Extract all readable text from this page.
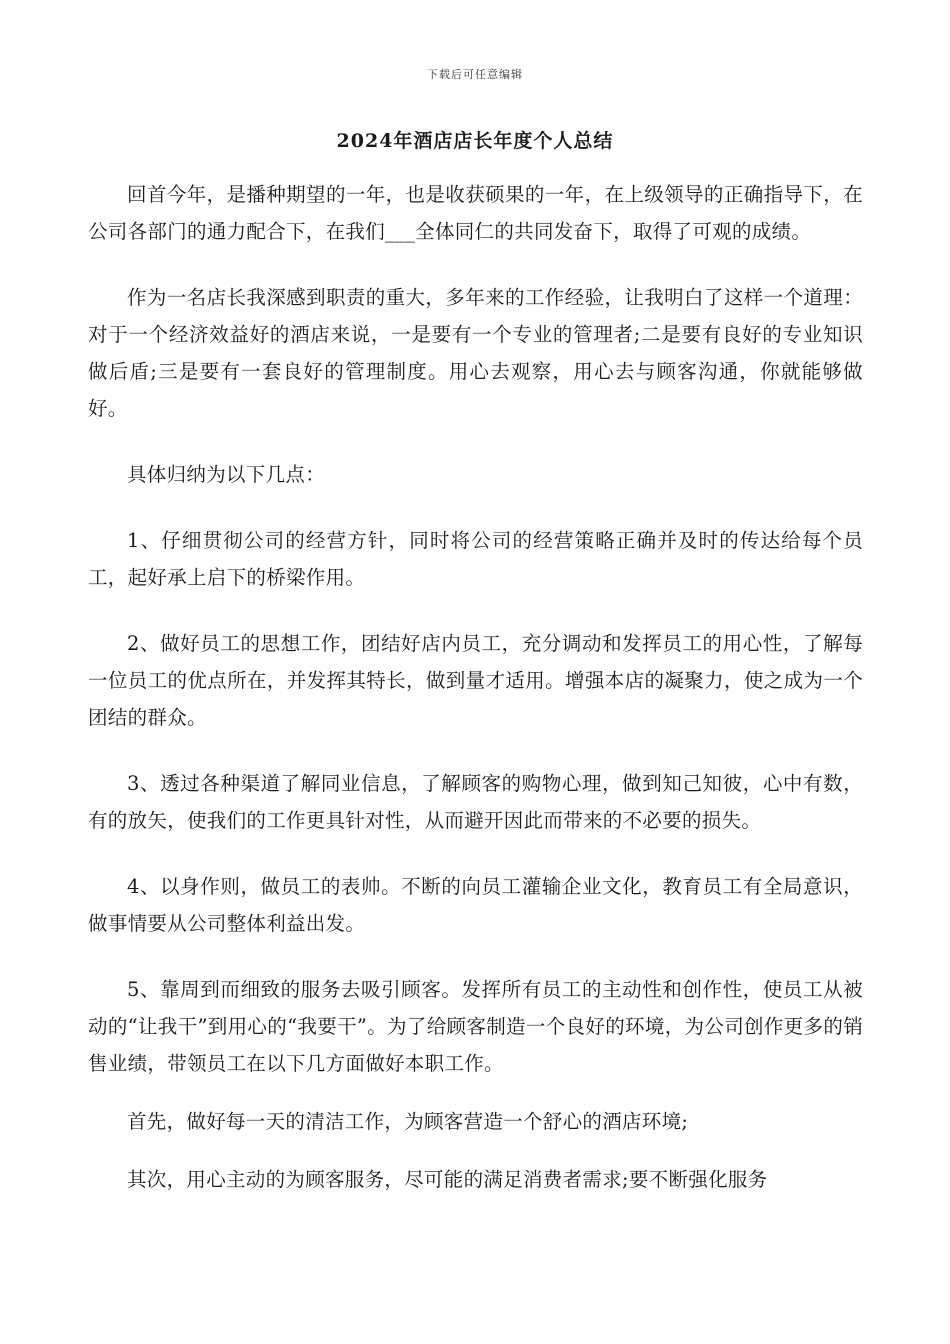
下载后可任意编辑
2024年酒店店长年度个人总结

回首今年，是播种期望的一年，也是收获硕果的一年，在上级领导的正确指导下，在公司各部门的通力配合下，在我们___全体同仁的共同发奋下，取得了可观的成绩。

作为一名店长我深感到职责的重大，多年来的工作经验，让我明白了这样一个道理：对于一个经济效益好的酒店来说，一是要有一个专业的管理者;二是要有良好的专业知识做后盾;三是要有一套良好的管理制度。用心去观察，用心去与顾客沟通，你就能够做好。

具体归纳为以下几点：

1、仔细贯彻公司的经营方针，同时将公司的经营策略正确并及时的传达给每个员工，起好承上启下的桥梁作用。

2、做好员工的思想工作，团结好店内员工，充分调动和发挥员工的用心性，了解每一位员工的优点所在，并发挥其特长，做到量才适用。增强本店的凝聚力，使之成为一个团结的群众。

3、透过各种渠道了解同业信息，了解顾客的购物心理，做到知己知彼，心中有数，有的放矢，使我们的工作更具针对性，从而避开因此而带来的不必要的损失。

4、以身作则，做员工的表帅。不断的向员工灌输企业文化，教育员工有全局意识，做事情要从公司整体利益出发。

5、靠周到而细致的服务去吸引顾客。发挥所有员工的主动性和创作性，使员工从被动的“让我干”到用心的“我要干”。为了给顾客制造一个良好的环境，为公司创作更多的销售业绩，带领员工在以下几方面做好本职工作。

首先，做好每一天的清洁工作，为顾客营造一个舒心的酒店环境;

其次，用心主动的为顾客服务，尽可能的满足消费者需求;要不断强化服务
